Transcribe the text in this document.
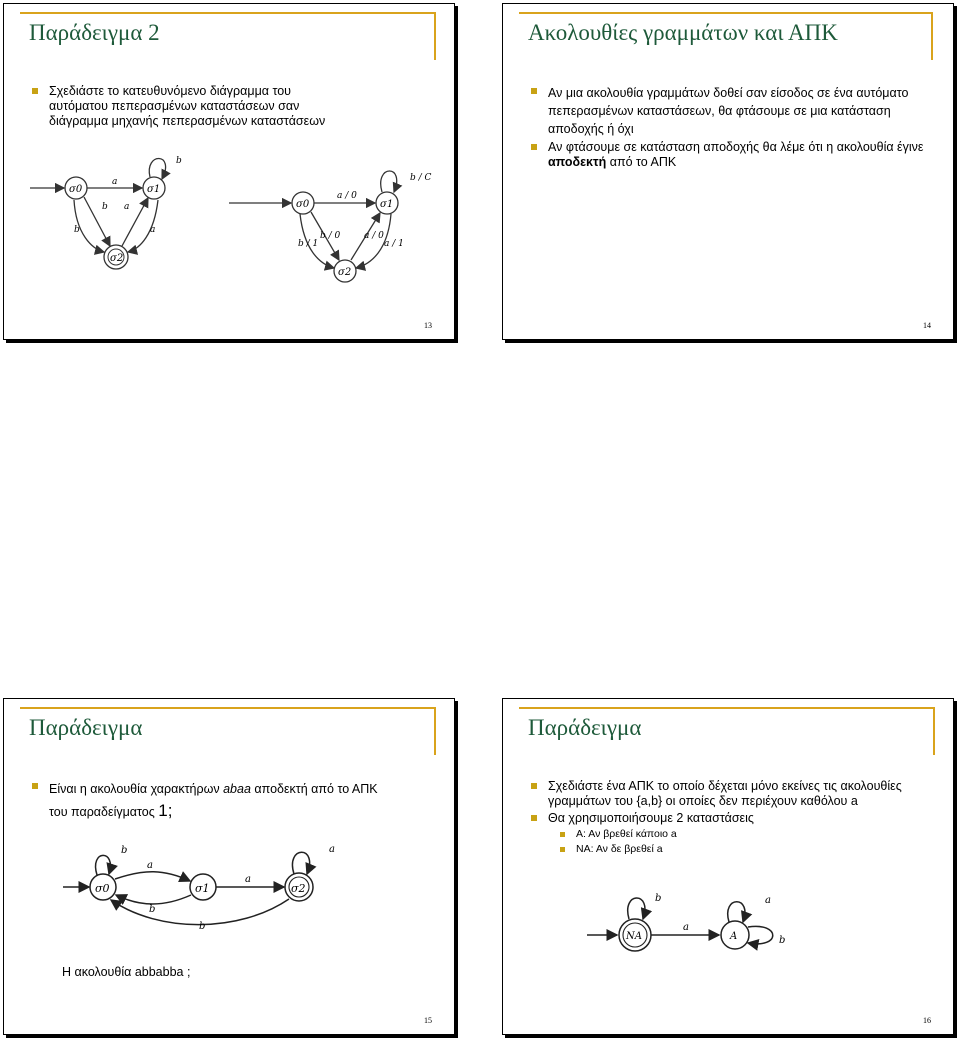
Παράδειγμα 2
Σχεδιάστε το κατευθυνόμενο διάγραμμα του αυτόματου πεπερασμένων καταστάσεων σαν διάγραμμα μηχανής πεπερασμένων καταστάσεων
σ0	σ1
σ2
a
b
b
b a
a
σ0	σ1
σ2
a / 0
b / C
b / 1
b / 0	a / 0
a / 1
13
Ακολουθίες γραμμάτων και ΑΠΚ
Αν μια ακολουθία γραμμάτων δοθεί σαν είσοδος σε ένα αυτόματο πεπερασμένων καταστάσεων, θα φτάσουμε σε μια κατάσταση αποδοχής ή όχι
Αν φτάσουμε σε κατάσταση αποδοχής θα λέμε ότι η ακολουθία έγινε αποδεκτή από το ΑΠΚ
14
Παράδειγμα
Είναι η ακολουθία χαρακτήρων abaa αποδεκτή από το ΑΠΚ του παραδείγματος 1;
σ0	σ1	σ2
b
a
b
a
a
b
Η ακολουθία abbabba ;
15
Παράδειγμα
Σχεδιάστε ένα ΑΠΚ το οποίο δέχεται μόνο εκείνες τις ακολουθίες γραμμάτων του {a,b} οι οποίες δεν περιέχουν καθόλου a
Θα χρησιμοποιήσουμε 2 καταστάσεις
Α: Αν βρεθεί κάποιο a
ΝΑ: Αν δε βρεθεί a
NA	A
b
a
a
b
16
